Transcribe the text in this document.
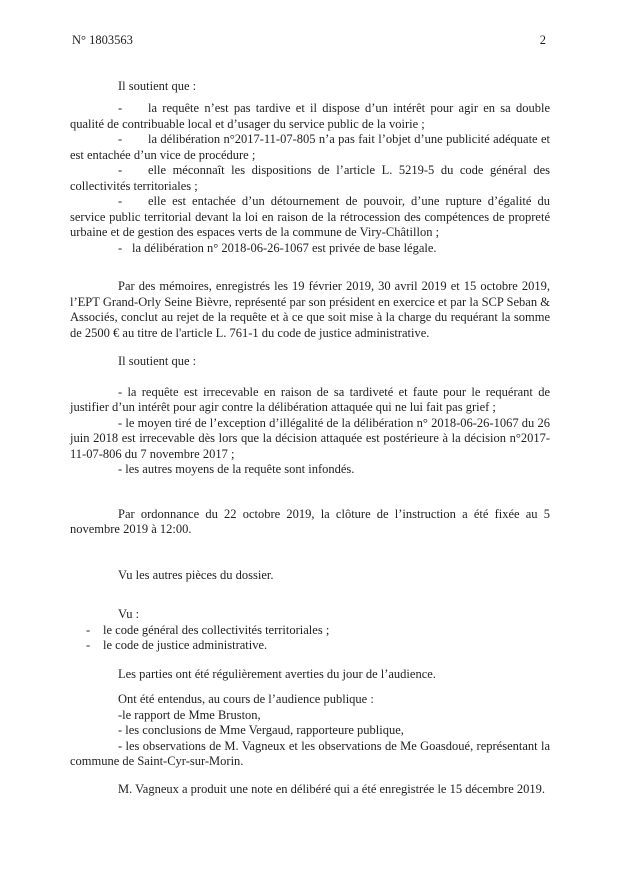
N° 1803563	2

Il soutient que :

- la requête n’est pas tardive et il dispose d’un intérêt pour agir en sa double qualité de contribuable local et d’usager du service public de la voirie ;

- la délibération n°2017-11-07-805 n’a pas fait l’objet d’une publicité adéquate et est entachée d’un vice de procédure ;

- elle méconnaît les dispositions de l’article L. 5219-5 du code général des collectivités territoriales ;

- elle est entachée d’un détournement de pouvoir, d’une rupture d’égalité du service public territorial devant la loi en raison de la rétrocession des compétences de propreté urbaine et de gestion des espaces verts de la commune de Viry-Châtillon ;

- la délibération n° 2018-06-26-1067 est privée de base légale.

Par des mémoires, enregistrés les 19 février 2019, 30 avril 2019 et 15 octobre 2019, l’EPT Grand-Orly Seine Bièvre, représenté par son président en exercice et par la SCP Seban & Associés, conclut au rejet de la requête et à ce que soit mise à la charge du requérant la somme de 2500 € au titre de l'article L. 761-1 du code de justice administrative.

Il soutient que :

- la requête est irrecevable en raison de sa tardiveté et faute pour le requérant de justifier d’un intérêt pour agir contre la délibération attaquée qui ne lui fait pas grief ;

- le moyen tiré de l’exception d’illégalité de la délibération n° 2018-06-26-1067 du 26 juin 2018 est irrecevable dès lors que la décision attaquée est postérieure à la décision n°2017-11-07-806 du 7 novembre 2017 ;

- les autres moyens de la requête sont infondés.

Par ordonnance du 22 octobre 2019, la clôture de l’instruction a été fixée au 5 novembre 2019 à 12:00.

Vu les autres pièces du dossier.

Vu :

- le code général des collectivités territoriales ;

- le code de justice administrative.

Les parties ont été régulièrement averties du jour de l’audience.

Ont été entendus, au cours de l’audience publique :

-le rapport de Mme Bruston,

- les conclusions de Mme Vergaud, rapporteure publique,

- les observations de M. Vagneux et les observations de Me Goasdoué, représentant la commune de Saint-Cyr-sur-Morin.

M. Vagneux a produit une note en délibéré qui a été enregistrée le 15 décembre 2019.
